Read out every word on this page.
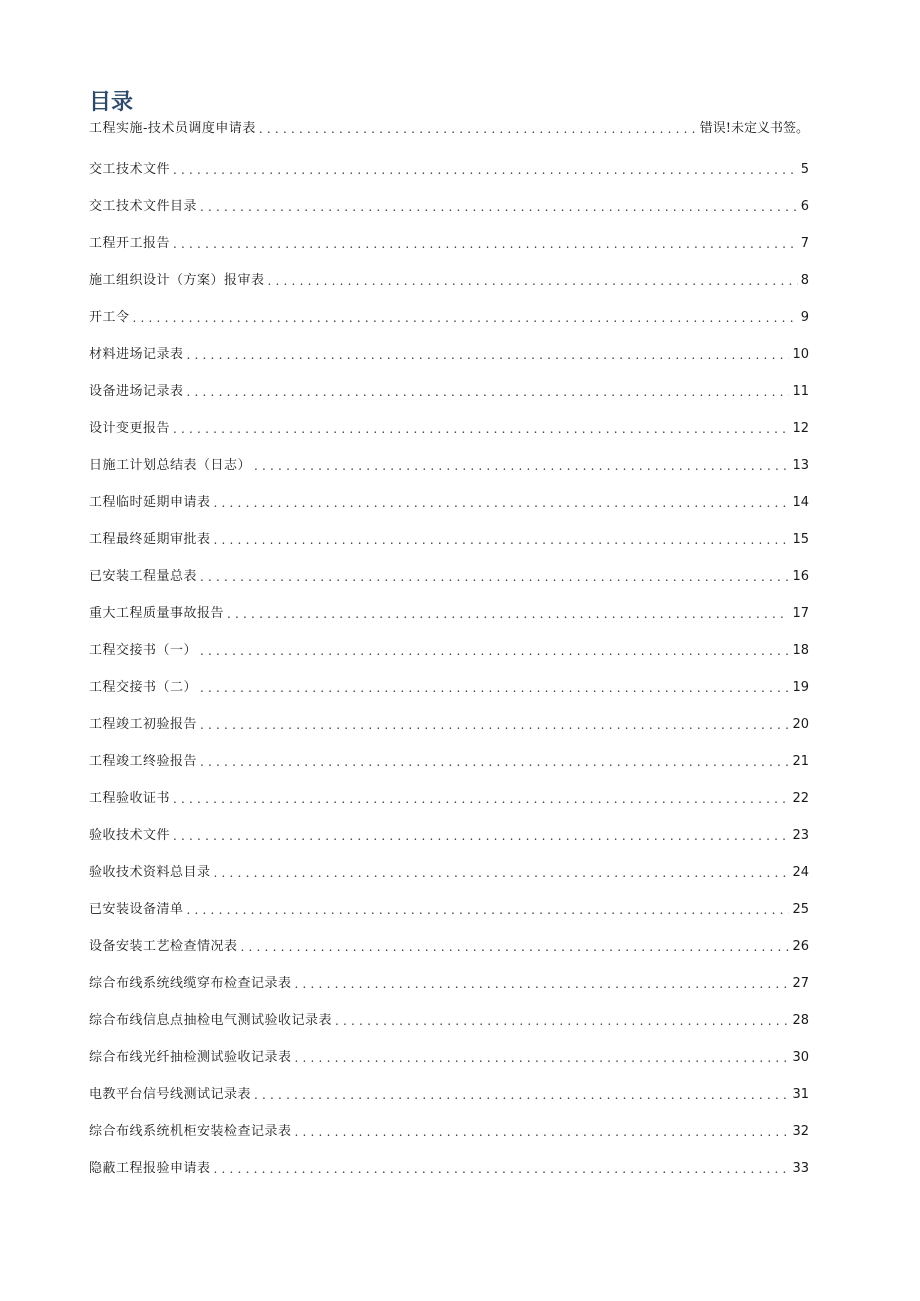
目录
工程实施-技术员调度申请表 .....	错误!未定义书签。
交工技术文件 .....	5
交工技术文件目录 .....	6
工程开工报告 .....	7
施工组织设计（方案）报审表 .....	8
开工令 .....	9
材料进场记录表 .....	10
设备进场记录表 .....	11
设计变更报告 .....	12
日施工计划总结表（日志） .....	13
工程临时延期申请表 .....	14
工程最终延期审批表 .....	15
已安装工程量总表 .....	16
重大工程质量事故报告 .....	17
工程交接书（一） .....	18
工程交接书（二） .....	19
工程竣工初验报告 .....	20
工程竣工终验报告 .....	21
工程验收证书 .....	22
验收技术文件 .....	23
验收技术资料总目录 .....	24
已安装设备清单 .....	25
设备安装工艺检查情况表 .....	26
综合布线系统线缆穿布检查记录表 .....	27
综合布线信息点抽检电气测试验收记录表 .....	28
综合布线光纤抽检测试验收记录表 .....	30
电教平台信号线测试记录表 .....	31
综合布线系统机柜安装检查记录表 .....	32
隐蔽工程报验申请表 .....	33
